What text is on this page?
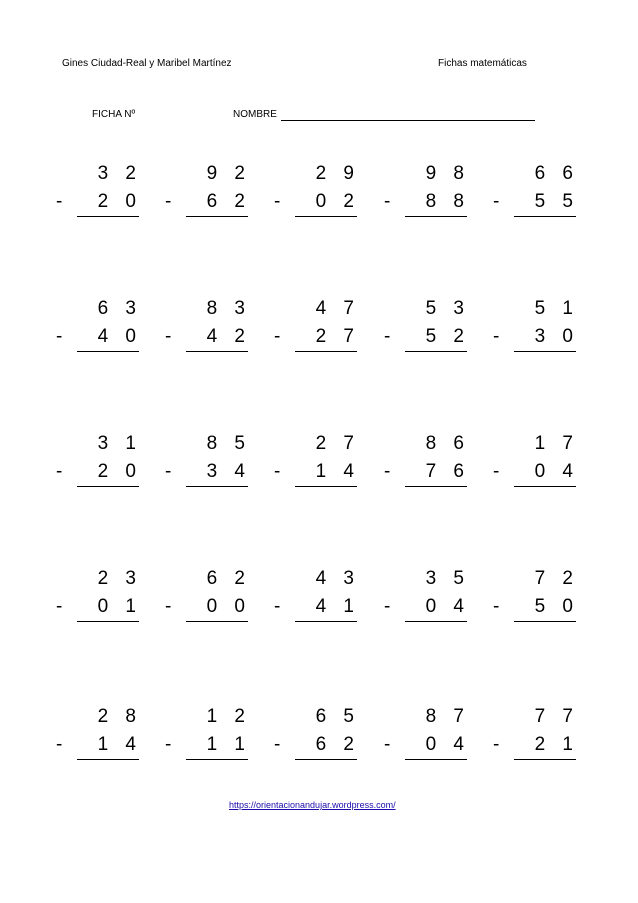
Gines Ciudad-Real y Maribel Martínez	Fichas matemáticas
FICHA Nº	NOMBRE
3 2
- 2 0
9 2
- 6 2
2 9
- 0 2
9 8
- 8 8
6 6
- 5 5
6 3
- 4 0
8 3
- 4 2
4 7
- 2 7
5 3
- 5 2
5 1
- 3 0
3 1
- 2 0
8 5
- 3 4
2 7
- 1 4
8 6
- 7 6
1 7
- 0 4
2 3
- 0 1
6 2
- 0 0
4 3
- 4 1
3 5
- 0 4
7 2
- 5 0
2 8
- 1 4
1 2
- 1 1
6 5
- 6 2
8 7
- 0 4
7 7
- 2 1
https://orientacionandujar.wordpress.com/
